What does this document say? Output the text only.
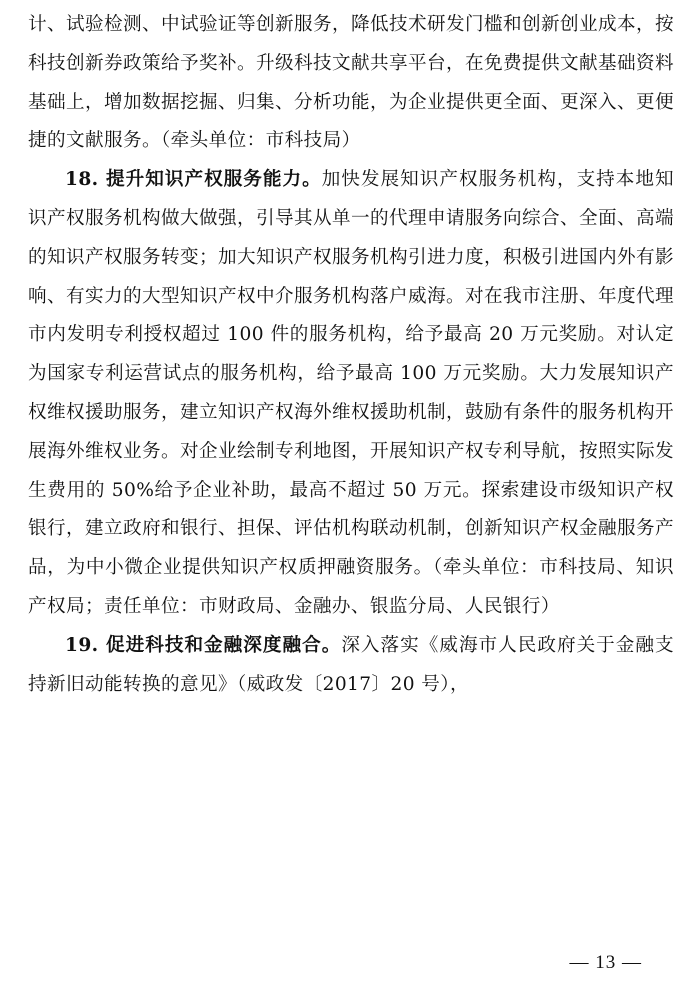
计、试验检测、中试验证等创新服务，降低技术研发门槛和创新创业成本，按科技创新券政策给予奖补。升级科技文献共享平台，在免费提供文献基础资料基础上，增加数据挖掘、归集、分析功能，为企业提供更全面、更深入、更便捷的文献服务。（牵头单位：市科技局）

18. 提升知识产权服务能力。加快发展知识产权服务机构，支持本地知识产权服务机构做大做强，引导其从单一的代理申请服务向综合、全面、高端的知识产权服务转变；加大知识产权服务机构引进力度，积极引进国内外有影响、有实力的大型知识产权中介服务机构落户威海。对在我市注册、年度代理市内发明专利授权超过 100 件的服务机构，给予最高 20 万元奖励。对认定为国家专利运营试点的服务机构，给予最高 100 万元奖励。大力发展知识产权维权援助服务，建立知识产权海外维权援助机制，鼓励有条件的服务机构开展海外维权业务。对企业绘制专利地图，开展知识产权专利导航，按照实际发生费用的 50%给予企业补助，最高不超过 50 万元。探索建设市级知识产权银行，建立政府和银行、担保、评估机构联动机制，创新知识产权金融服务产品，为中小微企业提供知识产权质押融资服务。（牵头单位：市科技局、知识产权局；责任单位：市财政局、金融办、银监分局、人民银行）

19. 促进科技和金融深度融合。深入落实《威海市人民政府关于金融支持新旧动能转换的意见》（威政发〔2017〕20 号），

— 13 —
